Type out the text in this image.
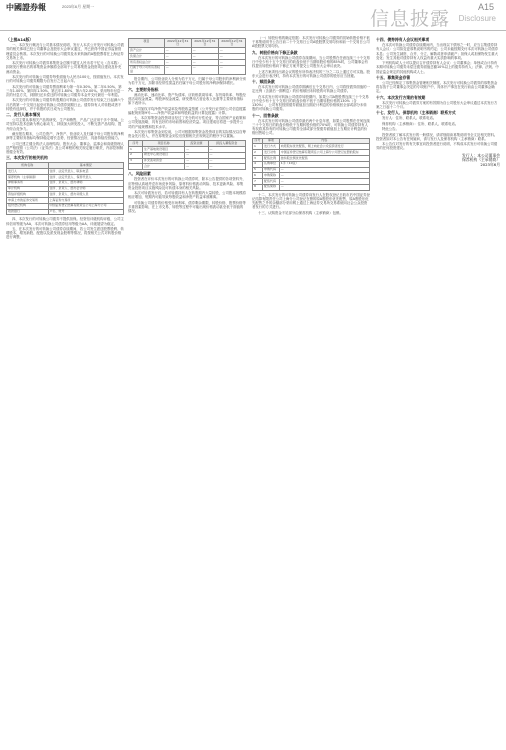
中國證券報	2023年6月 星期一
信息披露
A15
Disclosure

（上接A14版）

一、本次发行概况与公司基本情况说明，发行人本次公开发行可转换公司债券的相关事项已经公司董事会及股东大会审议通过，并已获得中国证券监督管理委员会核准。本次发行的可转换公司债券及未来转换的A股股票将在上海证券交易所上市。

本次发行可转换公司债券募集资金总额不超过人民币若干亿元（含本数），扣除发行费用后的募集资金净额将全部用于公司募集资金投资项目建设及补充流动资金。

本次发行的可转换公司债券每张面值为人民币100元，按面值发行。本次发行的可转换公司债券期限为自发行之日起六年。

本次发行的可转换公司债券票面利率为第一年0.30%、第二年0.50%、第三年1.00%、第四年1.50%、第五年1.80%、第六年2.00%。采用每年付息一次的付息方式，到期归还未偿还的可转换公司债券本金并支付最后一年利息。

本次发行的可转换公司债券转股期自可转换公司债券发行结束之日起满六个月后的第一个交易日起至可转换公司债券到期日止。债券持有人对转股或者不转股有选择权，并于转股的次日成为公司股东。

二、发行人基本情况

公司主要从事相关产品的研发、生产和销售，产品广泛应用于多个领域。公司坚持以技术创新为核心驱动力，持续加大研发投入，不断完善产品结构，提升综合竞争力。

截至报告期末，公司总资产、净资产、营业收入及归属于母公司股东的净利润等主要财务指标均保持稳定增长态势，经营情况良好，具备持续经营能力。

公司已建立健全的法人治理结构，股东大会、董事会、监事会和高级管理人员严格按照《公司法》《证券法》及公司章程的相关规定履行职责，内部控制制度健全有效。

三、本次发行的相关机构

机构名称	基本情况
发行人	住所、法定代表人、联系电话
保荐机构（主承销商）	住所、法定代表人、保荐代表人
律师事务所	住所、负责人、经办律师
审计机构	住所、负责人、经办会计师
资信评级机构	住所、负责人、经办评级人员
申请上市的证券交易所	上海证券交易所
股份登记机构	中国证券登记结算有限责任公司上海分公司
收款银行	户名、账号

四、本次发行的可转换公司债券不提供担保。经资信评级机构评级，公司主体信用等级为AA，本次可转换公司债券信用等级为AA，评级展望为稳定。

五、在本次发行的可转换公司债券存续期间，若公司发生派送股票股利、转增股本、增发新股、配股以及派发现金股利等情况，将按相关公式对转股价格进行调整。

项目	2022年12月31日	2021年12月31日	2020年12月31日
资产总计	—	—	—
负债合计	—	—	—
所有者权益合计	—	—	—
归属于母公司所有者权益	—	—	—

报告期内，公司营业收入分别为若干万元，归属于母公司股东的净利润分别为若干万元，扣除非经常性损益后归属于母公司股东的净利润保持增长。

六、主要财务指标

流动比率、速动比率、资产负债率、应收账款周转率、存货周转率、每股经营活动现金流量、每股净现金流量、研发费用占营业收入比重等主要财务指标如下表所示。

公司加权平均净资产收益率及每股收益按照《公开发行证券的公司信息披露编报规则第9号——净资产收益率和每股收益的计算及披露》计算。

七、本次募集资金投资项目经过了充分的可行性论证，符合国家产业政策和公司发展战略，具有良好的市场前景和经济效益。项目建成后将进一步提升公司的产能规模和技术水平。

本次发行募集资金到位前，公司可根据募集资金投资项目的实际情况以自筹资金先行投入，并在募集资金到位后按照相关法规规定的程序予以置换。

序号	项目名称	投资总额	拟投入募集资金
1	生产基地建设项目	—	—
2	研发中心建设项目	—	—
3	补充流动资金	—	—
	合计	—	—

八、风险因素

投资者在评价本次发行的可转换公司债券时，除本公告提供的各项资料外，应特别认真地考虑市场竞争风险、原材料价格波动风险、技术更新风险、募集资金投资项目实施风险及可转债本身的相关风险。

本次可转债发行后，若可转债持有人在转股期内大量转股，公司股本规模将相应增加，短期内可能导致每股收益和净资产收益率被摊薄。

可转换公司债券的价格受市场利率、债券剩余期限、转股价格、股票价格等多重因素影响，在上市交易、转股等过程中可能出现价格波动甚至低于面值的情况。

（一）转股价格的确定依据：本次发行可转换公司债券的初始转股价格不低于募集说明书公告日前二十个交易日公司A股股票交易均价和前一个交易日公司A股股票交易均价。

九、转股价格向下修正条款

在本次发行的可转换公司债券存续期间，当公司股票在任意连续三十个交易日中至少有十五个交易日的收盘价低于当期转股价格的85%时，公司董事会有权提出转股价格向下修正方案并提交公司股东大会审议表决。

上述方案须经出席会议的股东所持表决权的三分之二以上通过方可实施。股东大会进行表决时，持有本次发行的可转换公司债券的股东应当回避。

十、赎回条款

在本次发行的可转换公司债券期满后五个交易日内，公司将按债券面值的一定比例（含最后一期利息）的价格赎回未转股的可转换公司债券。

在本次发行的可转换公司债券转股期内，如果公司A股股票连续三十个交易日中至少有十五个交易日的收盘价格不低于当期转股价格的130%（含130%），公司有权按照债券面值加当期应计利息的价格赎回全部或部分未转股的可转换公司债券。

十一、回售条款

在本次发行的可转换公司债券最后两个计息年度，如果公司股票在任何连续三十个交易日的收盘价格低于当期转股价格的70%时，可转换公司债券持有人有权将其持有的可转换公司债券全部或部分按债券面值加上当期应计利息的价格回售给公司。

序号	事项	内容
1	发行方式	向原股东优先配售，网上向社会公众投资者发行
2	发行对象	中国证券登记结算有限责任公司上海分公司登记在册的股东
3	配售比例	按持股比例优先配售
4	认购单位	1手（10张）
5	申购代码	—
6	申购简称	—
7	配售代码	—
8	配售简称	—

十二、本次发行的可转换公司债券向发行人在股权登记日收市后中国证券登记结算有限责任公司上海分公司登记在册的原A股股东优先配售，原A股股东优先配售之外的余额部分采用网上通过上海证券交易所交易系统向社会公众投资者发行的方式进行。

十三、认购资金不足部分由保荐机构（主承销商）包销。

十四、债券持有人会议相关事项

在本次可转换公司债券存续期间内，当出现以下情形之一时，应当召集债券持有人会议：公司拟变更募集说明书的约定；公司未能按期支付本次可转换公司债券本息；公司发生减资、合并、分立、解散或者申请破产；担保人或担保物发生重大变化；发生其他对债券持有人权益有重大实质影响的事项。

下列机构或人士可以提议召开债券持有人会议：公司董事会；单独或合计持有本期可转换公司债券未偿还债券面值总额10%以上的债券持有人；法律、法规、中国证监会规定的其他机构或人士。

十五、募集资金存管

公司已经制定了募集资金管理相关制度。本次发行可转换公司债券的募集资金将存放于公司董事会决定的专项账户中，具体开户事宜在发行前由公司董事会确定。

十六、本次发行方案的有效期

本次发行可转换公司债券方案的有效期为自公司股东大会审议通过本次发行方案之日起十二个月。

十七、发行人、保荐机构（主承销商）联系方式

发行人：住所、联系人、联系电话。

保荐机构（主承销商）：住所、联系人、联系电话。

特此公告。

投资者欲了解本次发行的一般情况，请详细阅读募集说明书全文及相关资料。投资者如对本公告有任何疑问，请与发行人及保荐机构（主承销商）联系。

本公告仅对发行的有关事宜向投资者进行说明，不构成本次发行可转换公司债券的任何投资建议。

发行人：本公司董事会
保荐机构（主承销商）
2023年6月
